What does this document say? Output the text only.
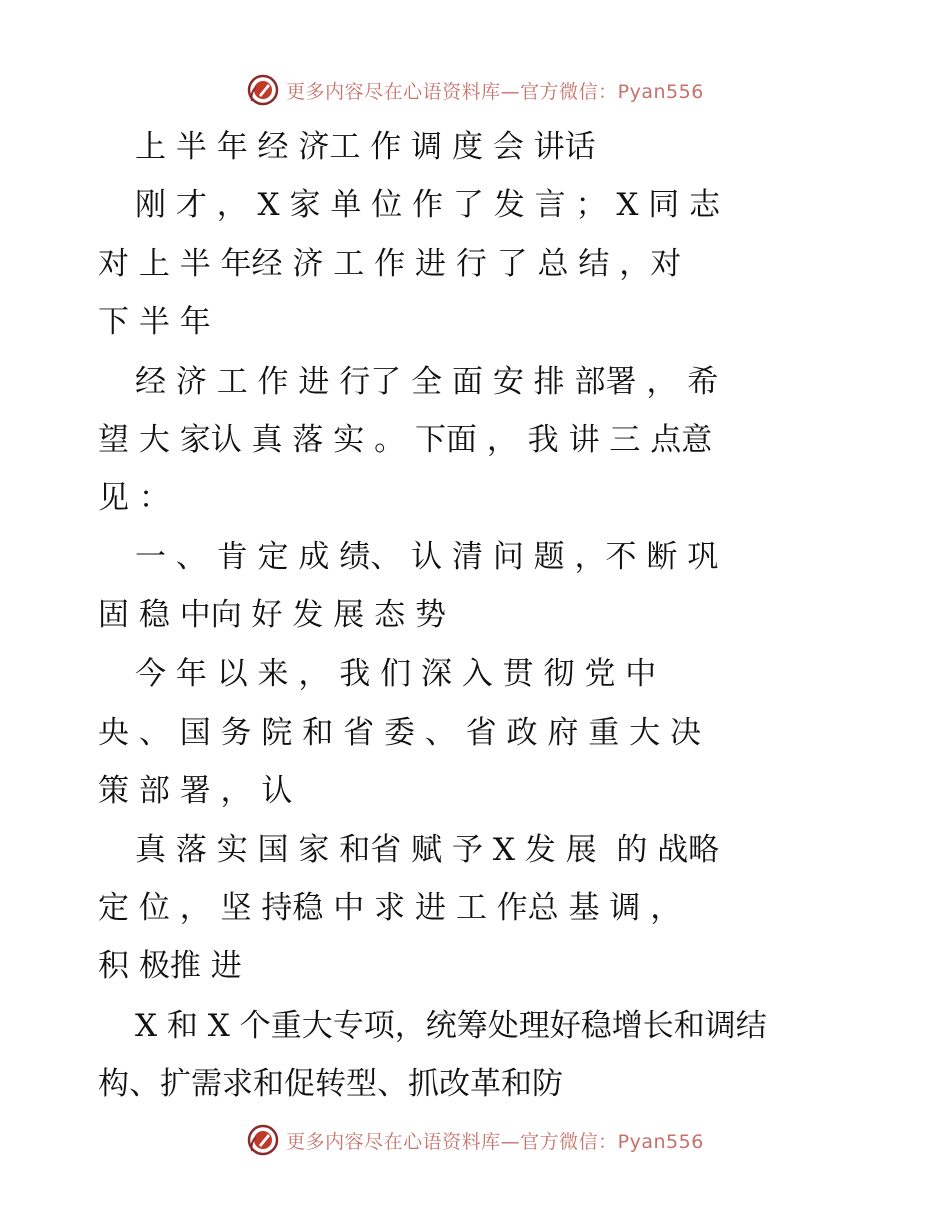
更多内容尽在心语资料库—官方微信：Pyan556
上 半 年 经 济工 作 调 度 会 讲话
刚 才 ， X 家 单 位 作 了 发 言 ； X 同 志
对 上 半 年经 济 工 作 进 行 了 总 结 ，对
下 半 年
经 济 工 作 进 行了 全 面 安 排 部署 ， 希
望 大 家认 真 落 实 。 下面 ， 我 讲 三 点意
见 ：
一 、 肯 定 成 绩、 认 清 问 题 ，不 断 巩
固 稳 中向 好 发 展 态 势
今 年 以 来 ， 我 们 深 入 贯 彻 党 中
央 、 国 务 院 和 省 委 、 省 政 府 重 大 决
策 部 署 ， 认
真 落 实 国 家 和省 赋 予 X 发 展  的 战略
定 位 ， 坚 持稳 中 求 进 工 作总 基 调 ，
积 极推 进
X 和 X 个重大专项，统筹处理好稳增长和调结
构、扩需求和促转型、抓改革和防
更多内容尽在心语资料库—官方微信：Pyan556
